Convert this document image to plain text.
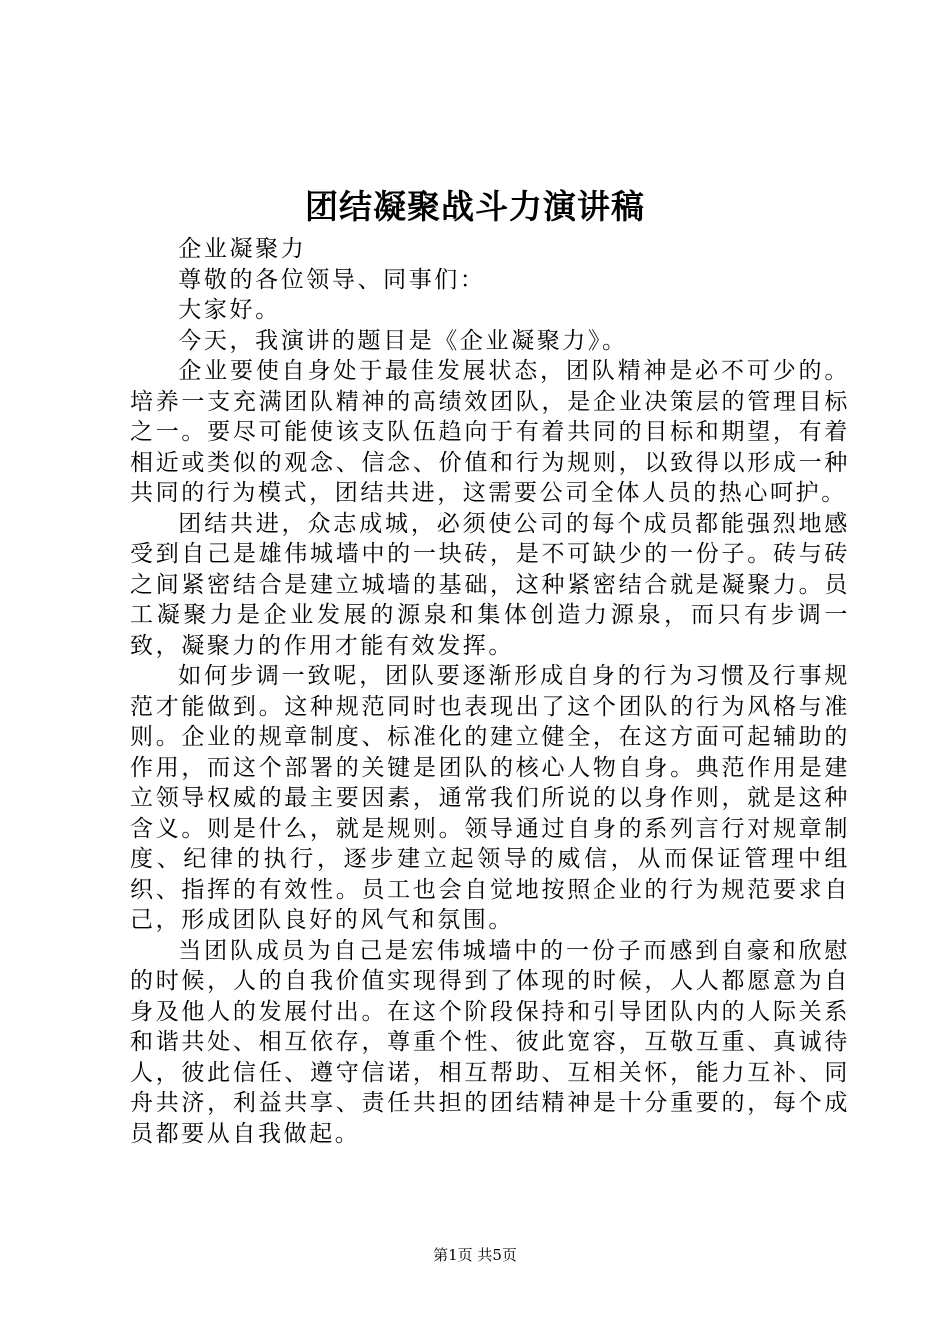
团结凝聚战斗力演讲稿

企业凝聚力

尊敬的各位领导、同事们：

大家好。

今天，我演讲的题目是《企业凝聚力》。

企业要使自身处于最佳发展状态，团队精神是必不可少的。培养一支充满团队精神的高绩效团队，是企业决策层的管理目标之一。要尽可能使该支队伍趋向于有着共同的目标和期望，有着相近或类似的观念、信念、价值和行为规则，以致得以形成一种共同的行为模式，团结共进，这需要公司全体人员的热心呵护。

团结共进，众志成城，必须使公司的每个成员都能强烈地感受到自己是雄伟城墙中的一块砖，是不可缺少的一份子。砖与砖之间紧密结合是建立城墙的基础，这种紧密结合就是凝聚力。员工凝聚力是企业发展的源泉和集体创造力源泉，而只有步调一致，凝聚力的作用才能有效发挥。

如何步调一致呢，团队要逐渐形成自身的行为习惯及行事规范才能做到。这种规范同时也表现出了这个团队的行为风格与准则。企业的规章制度、标准化的建立健全，在这方面可起辅助的作用，而这个部署的关键是团队的核心人物自身。典范作用是建立领导权威的最主要因素，通常我们所说的以身作则，就是这种含义。则是什么，就是规则。领导通过自身的系列言行对规章制度、纪律的执行，逐步建立起领导的威信，从而保证管理中组织、指挥的有效性。员工也会自觉地按照企业的行为规范要求自己，形成团队良好的风气和氛围。

当团队成员为自己是宏伟城墙中的一份子而感到自豪和欣慰的时候，人的自我价值实现得到了体现的时候，人人都愿意为自身及他人的发展付出。在这个阶段保持和引导团队内的人际关系和谐共处、相互依存，尊重个性、彼此宽容，互敬互重、真诚待人，彼此信任、遵守信诺，相互帮助、互相关怀，能力互补、同舟共济，利益共享、责任共担的团结精神是十分重要的，每个成员都要从自我做起。

第1页 共5页
